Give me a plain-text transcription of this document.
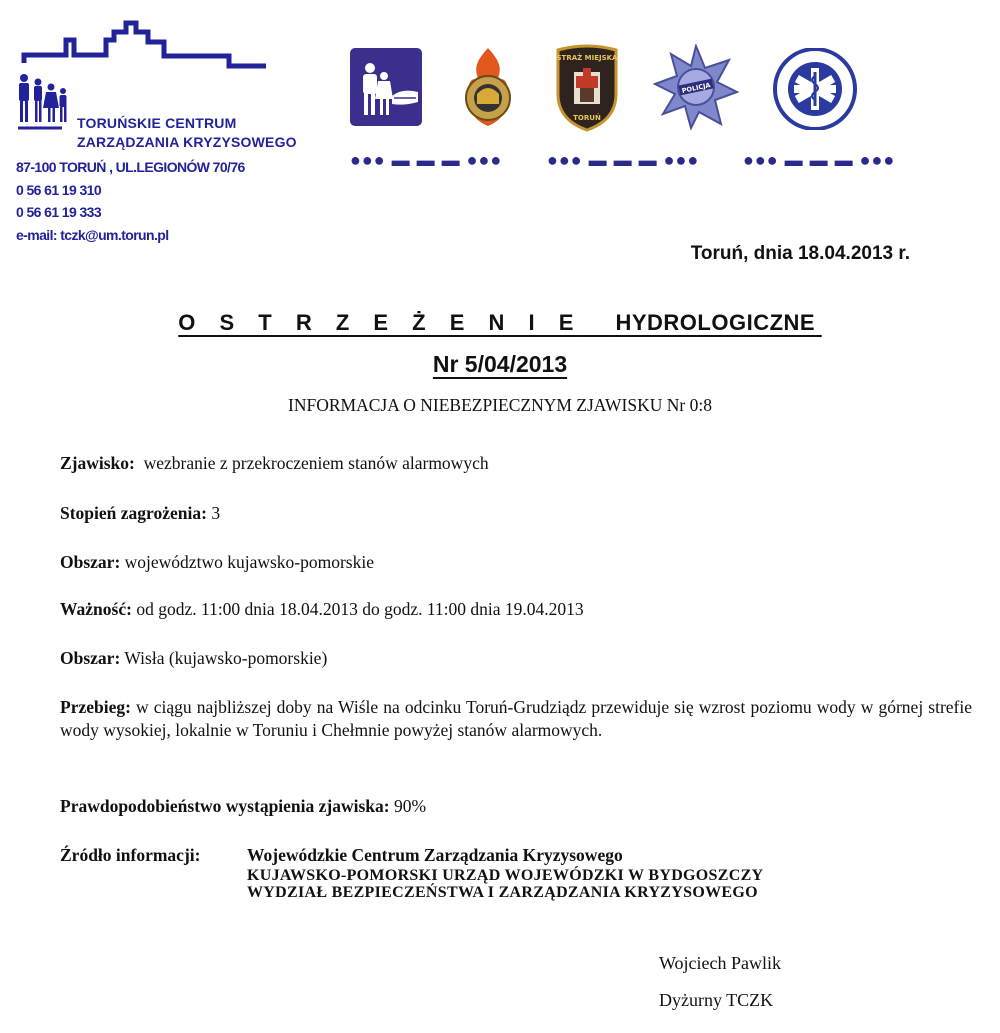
TORUŃSKIE CENTRUM
ZARZĄDZANIA KRYZYSOWEGO
87-100 TORUŃ , UL.LEGIONÓW 70/76
0 56 61 19 310
0 56 61 19 333
e-mail: tczk@um.torun.pl
STRAŻ MIEJSKA
TORUŃ
POLICJA
●●● ▬ ▬ ▬ ●●● ●●● ▬ ▬ ▬ ●●● ●●● ▬ ▬ ▬ ●●●
Toruń, dnia 18.04.2013 r.
O S T R Z E Ż E N I E HYDROLOGICZNE
Nr 5/04/2013
INFORMACJA O NIEBEZPIECZNYM ZJAWISKU Nr 0:8
Zjawisko: wezbranie z przekroczeniem stanów alarmowych
Stopień zagrożenia: 3
Obszar: województwo kujawsko-pomorskie
Ważność: od godz. 11:00 dnia 18.04.2013 do godz. 11:00 dnia 19.04.2013
Obszar: Wisła (kujawsko-pomorskie)
Przebieg: w ciągu najbliższej doby na Wiśle na odcinku Toruń-Grudziądz przewiduje się wzrost poziomu wody w górnej strefie wody wysokiej, lokalnie w Toruniu i Chełmnie powyżej stanów alarmowych.
Prawdopodobieństwo wystąpienia zjawiska: 90%
Źródło informacji:	Wojewódzkie Centrum Zarządzania Kryzysowego
KUJAWSKO-POMORSKI URZĄD WOJEWÓDZKI W BYDGOSZCZY
WYDZIAŁ BEZPIECZEŃSTWA I ZARZĄDZANIA KRYZYSOWEGO
Wojciech Pawlik
Dyżurny TCZK
